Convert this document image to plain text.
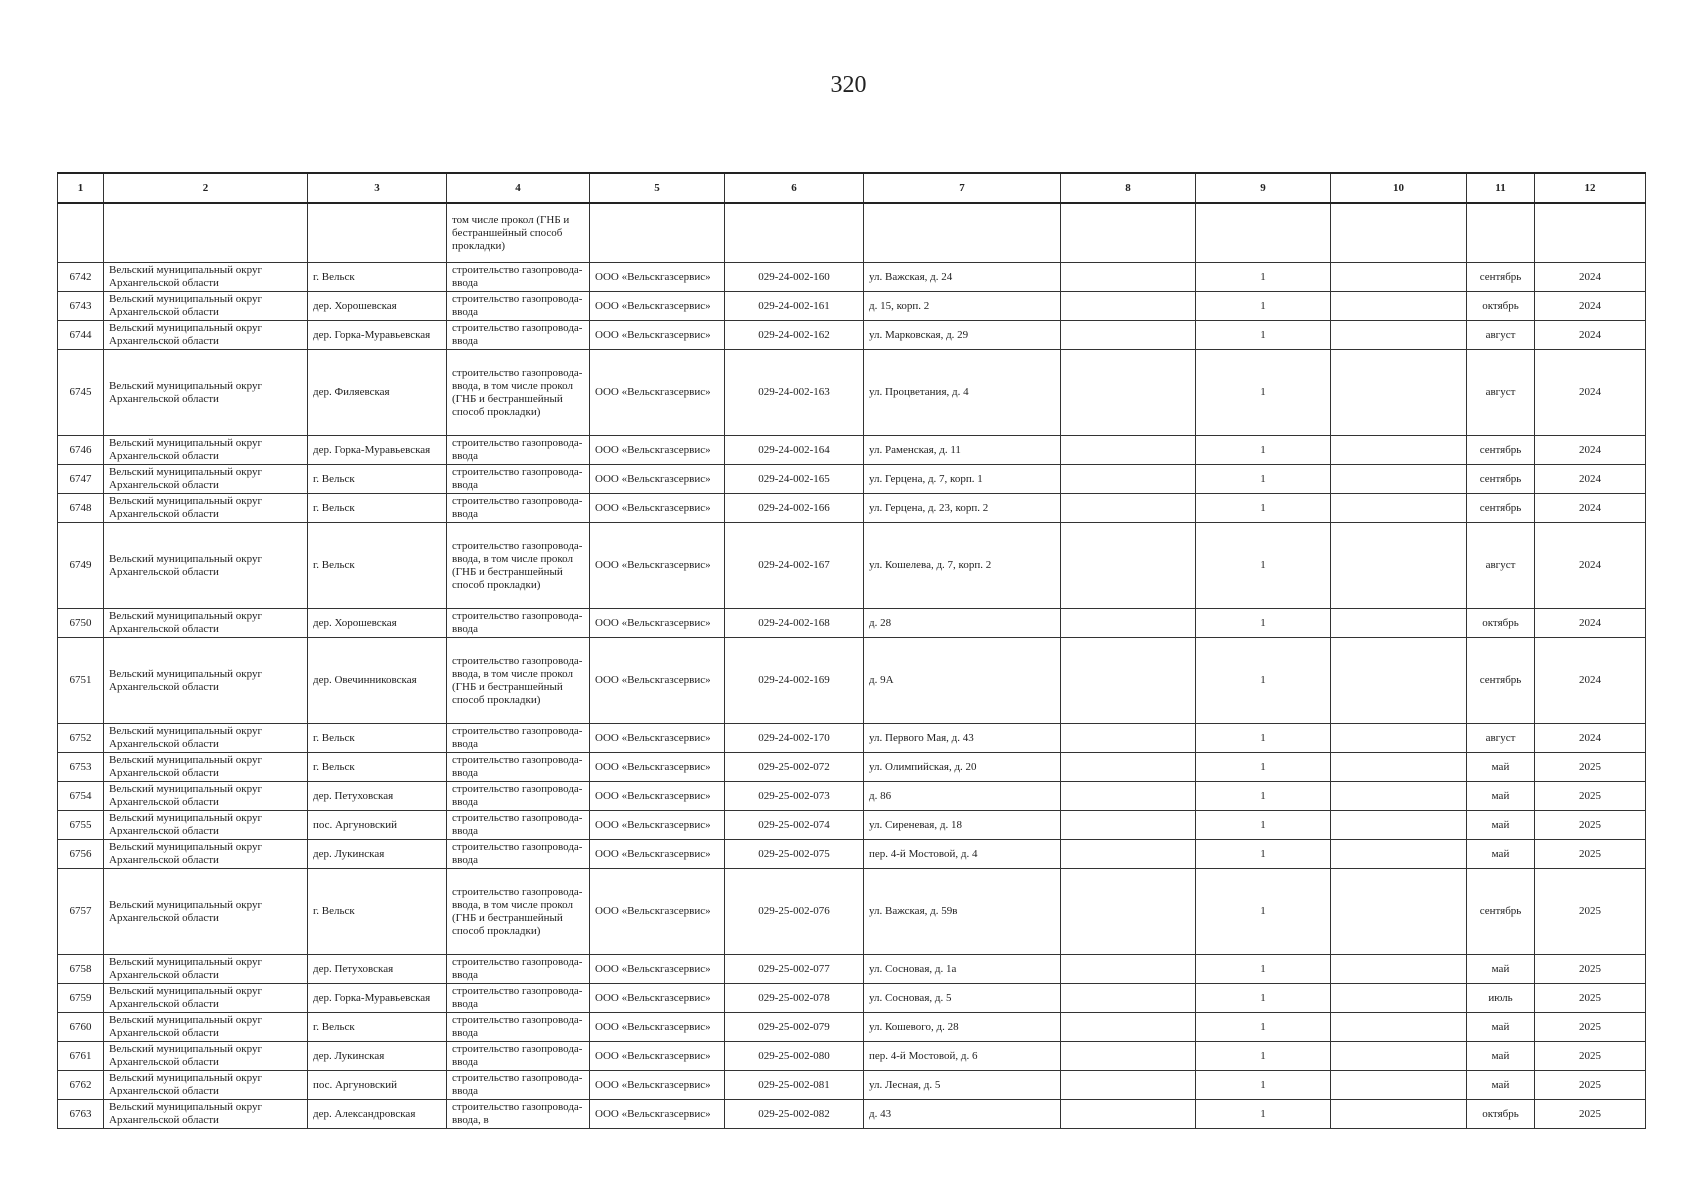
320
1	2	3	4	5	6	7	8	9	10	11	12
			том числе прокол (ГНБ и бестраншейный способ прокладки)								
6742	Вельский муниципальный округ Архангельской области	г. Вельск	строительство газопровода-ввода	ООО «Вельскгазсервис»	029-24-002-160	ул. Важская, д. 24		1		сентябрь	2024
6743	Вельский муниципальный округ Архангельской области	дер. Хорошевская	строительство газопровода-ввода	ООО «Вельскгазсервис»	029-24-002-161	д. 15, корп. 2		1		октябрь	2024
6744	Вельский муниципальный округ Архангельской области	дер. Горка-Муравьевская	строительство газопровода-ввода	ООО «Вельскгазсервис»	029-24-002-162	ул. Марковская, д. 29		1		август	2024
6745	Вельский муниципальный округ Архангельской области	дер. Филяевская	строительство газопровода-ввода, в том числе прокол (ГНБ и бестраншейный способ прокладки)	ООО «Вельскгазсервис»	029-24-002-163	ул. Процветания, д. 4		1		август	2024
6746	Вельский муниципальный округ Архангельской области	дер. Горка-Муравьевская	строительство газопровода-ввода	ООО «Вельскгазсервис»	029-24-002-164	ул. Раменская, д. 11		1		сентябрь	2024
6747	Вельский муниципальный округ Архангельской области	г. Вельск	строительство газопровода-ввода	ООО «Вельскгазсервис»	029-24-002-165	ул. Герцена, д. 7, корп. 1		1		сентябрь	2024
6748	Вельский муниципальный округ Архангельской области	г. Вельск	строительство газопровода-ввода	ООО «Вельскгазсервис»	029-24-002-166	ул. Герцена, д. 23, корп. 2		1		сентябрь	2024
6749	Вельский муниципальный округ Архангельской области	г. Вельск	строительство газопровода-ввода, в том числе прокол (ГНБ и бестраншейный способ прокладки)	ООО «Вельскгазсервис»	029-24-002-167	ул. Кошелева, д. 7, корп. 2		1		август	2024
6750	Вельский муниципальный округ Архангельской области	дер. Хорошевская	строительство газопровода-ввода	ООО «Вельскгазсервис»	029-24-002-168	д. 28		1		октябрь	2024
6751	Вельский муниципальный округ Архангельской области	дер. Овечинниковская	строительство газопровода-ввода, в том числе прокол (ГНБ и бестраншейный способ прокладки)	ООО «Вельскгазсервис»	029-24-002-169	д. 9А		1		сентябрь	2024
6752	Вельский муниципальный округ Архангельской области	г. Вельск	строительство газопровода-ввода	ООО «Вельскгазсервис»	029-24-002-170	ул. Первого Мая, д. 43		1		август	2024
6753	Вельский муниципальный округ Архангельской области	г. Вельск	строительство газопровода-ввода	ООО «Вельскгазсервис»	029-25-002-072	ул. Олимпийская, д. 20		1		май	2025
6754	Вельский муниципальный округ Архангельской области	дер. Петуховская	строительство газопровода-ввода	ООО «Вельскгазсервис»	029-25-002-073	д. 86		1		май	2025
6755	Вельский муниципальный округ Архангельской области	пос. Аргуновский	строительство газопровода-ввода	ООО «Вельскгазсервис»	029-25-002-074	ул. Сиреневая, д. 18		1		май	2025
6756	Вельский муниципальный округ Архангельской области	дер. Лукинская	строительство газопровода-ввода	ООО «Вельскгазсервис»	029-25-002-075	пер. 4-й Мостовой, д. 4		1		май	2025
6757	Вельский муниципальный округ Архангельской области	г. Вельск	строительство газопровода-ввода, в том числе прокол (ГНБ и бестраншейный способ прокладки)	ООО «Вельскгазсервис»	029-25-002-076	ул. Важская, д. 59в		1		сентябрь	2025
6758	Вельский муниципальный округ Архангельской области	дер. Петуховская	строительство газопровода-ввода	ООО «Вельскгазсервис»	029-25-002-077	ул. Сосновая, д. 1а		1		май	2025
6759	Вельский муниципальный округ Архангельской области	дер. Горка-Муравьевская	строительство газопровода-ввода	ООО «Вельскгазсервис»	029-25-002-078	ул. Сосновая, д. 5		1		июль	2025
6760	Вельский муниципальный округ Архангельской области	г. Вельск	строительство газопровода-ввода	ООО «Вельскгазсервис»	029-25-002-079	ул. Кошевого, д. 28		1		май	2025
6761	Вельский муниципальный округ Архангельской области	дер. Лукинская	строительство газопровода-ввода	ООО «Вельскгазсервис»	029-25-002-080	пер. 4-й Мостовой, д. 6		1		май	2025
6762	Вельский муниципальный округ Архангельской области	пос. Аргуновский	строительство газопровода-ввода	ООО «Вельскгазсервис»	029-25-002-081	ул. Лесная, д. 5		1		май	2025
6763	Вельский муниципальный округ Архангельской области	дер. Александровская	строительство газопровода-ввода, в	ООО «Вельскгазсервис»	029-25-002-082	д. 43		1		октябрь	2025
